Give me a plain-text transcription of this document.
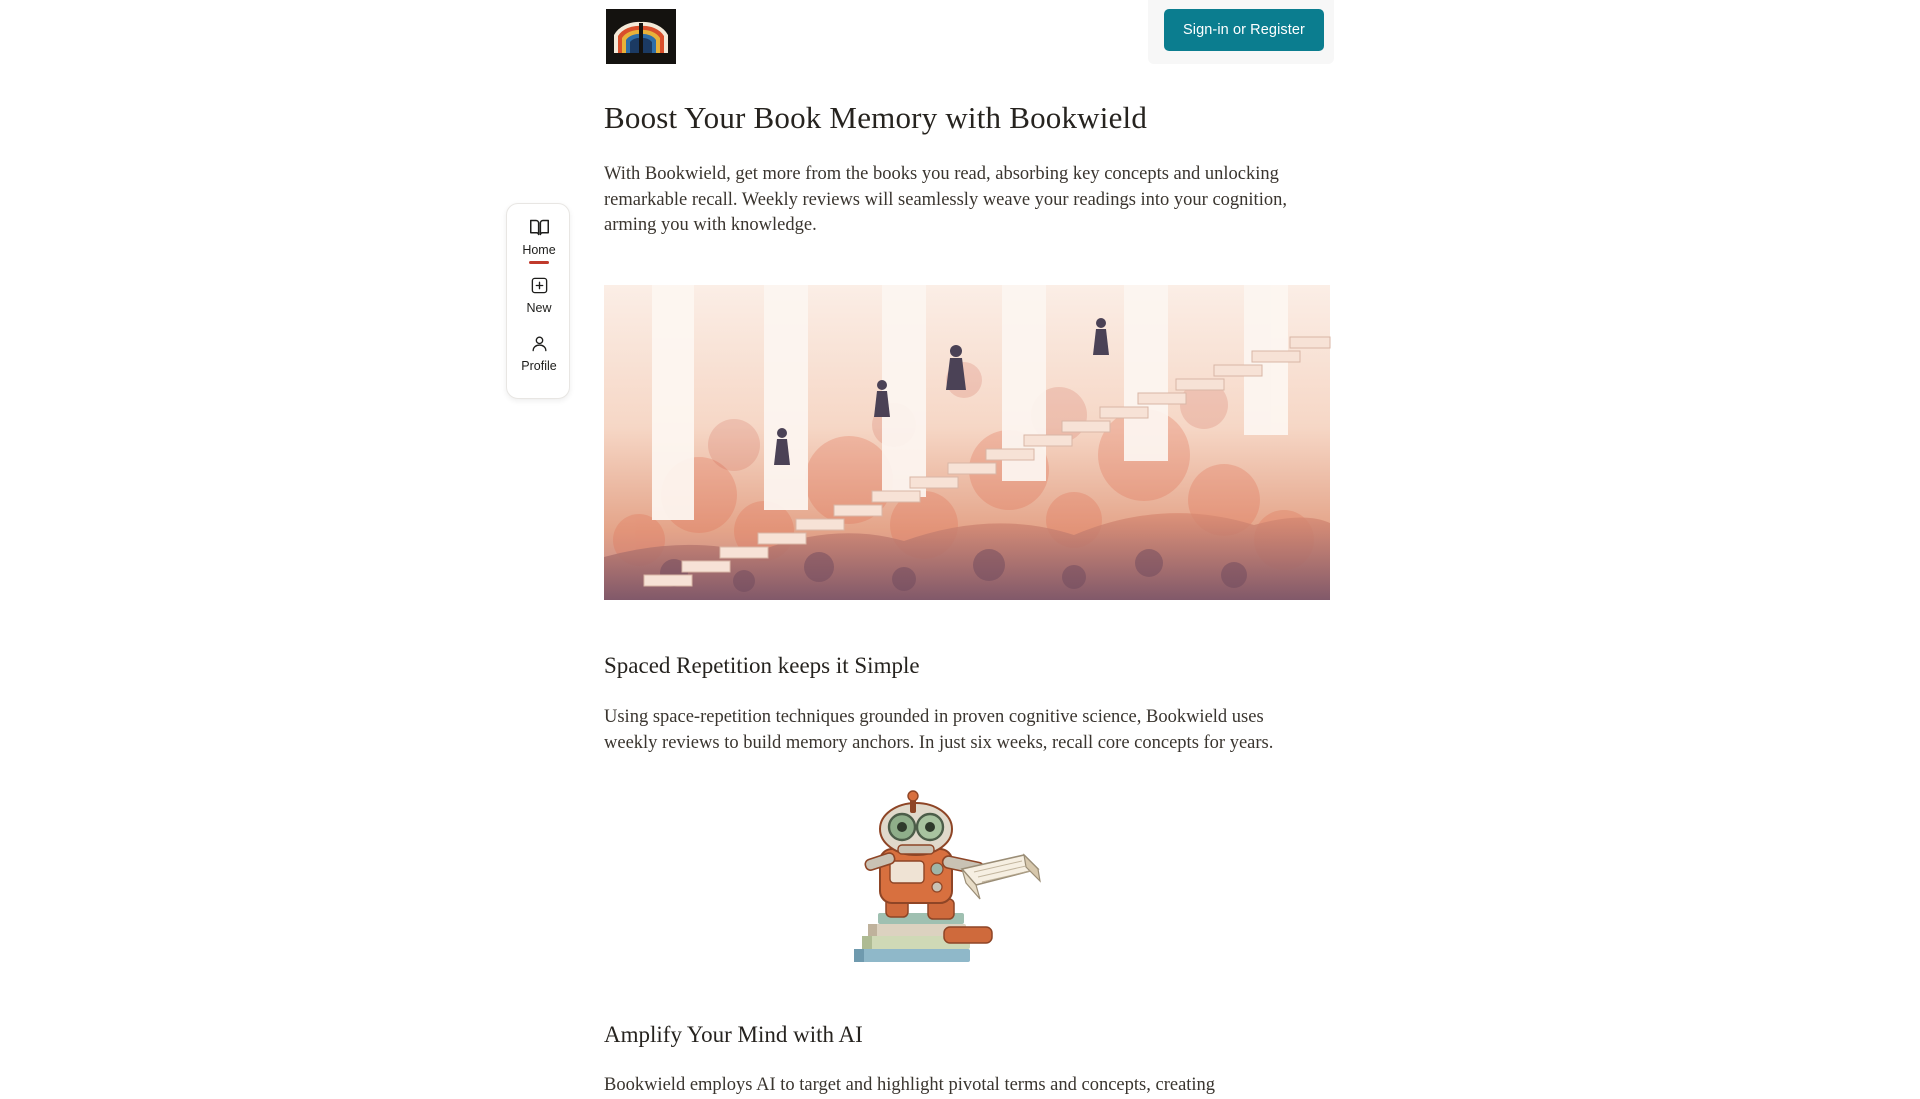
Sign-in or Register
Home
New
Profile
Boost Your Book Memory with Bookwield

With Bookwield, get more from the books you read, absorbing key concepts and unlocking remarkable recall. Weekly reviews will seamlessly weave your readings into your cognition, arming you with knowledge.

Spaced Repetition keeps it Simple

Using space-repetition techniques grounded in proven cognitive science, Bookwield uses weekly reviews to build memory anchors. In just six weeks, recall core concepts for years.

Amplify Your Mind with AI

Bookwield employs AI to target and highlight pivotal terms and concepts, creating
